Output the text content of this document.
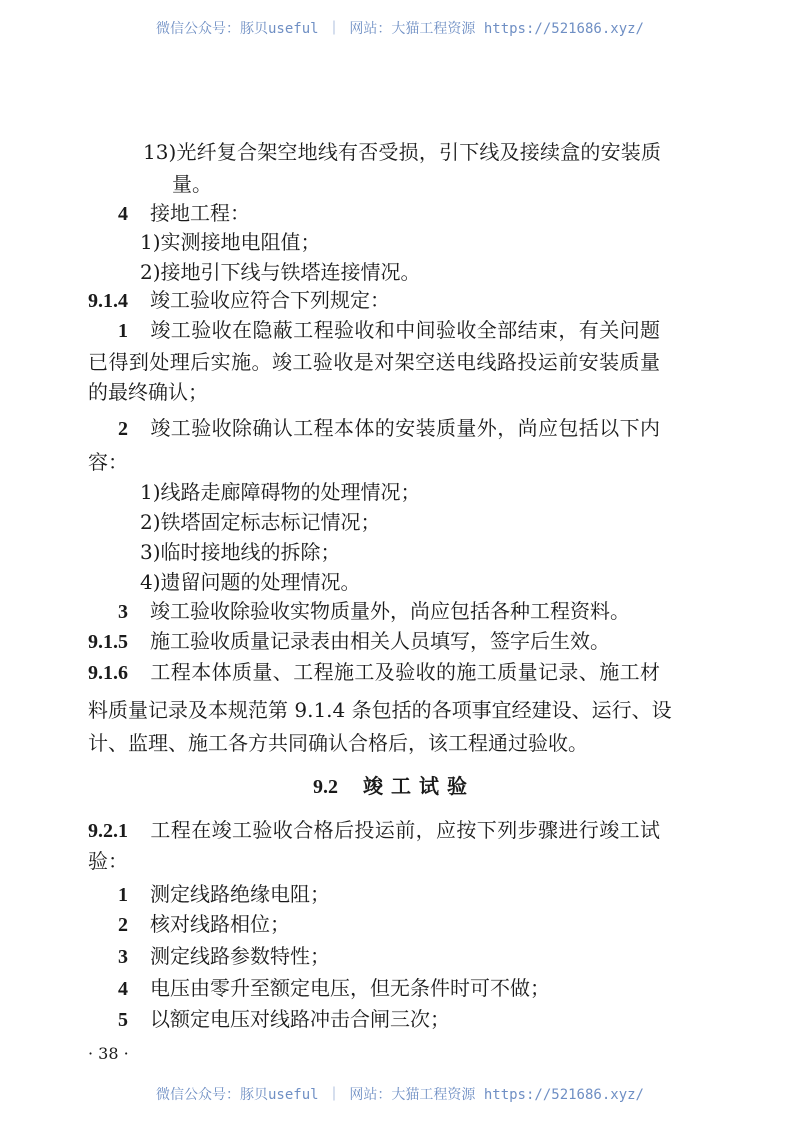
微信公众号：豚贝useful ｜ 网站：大猫工程资源 https://521686.xyz/
13)光纤复合架空地线有否受损，引下线及接续盒的安装质
量。
4 接地工程：
1)实测接地电阻值；
2)接地引下线与铁塔连接情况。
9.1.4 竣工验收应符合下列规定：
1 竣工验收在隐蔽工程验收和中间验收全部结束，有关问题
已得到处理后实施。竣工验收是对架空送电线路投运前安装质量
的最终确认；
2 竣工验收除确认工程本体的安装质量外，尚应包括以下内
容：
1)线路走廊障碍物的处理情况；
2)铁塔固定标志标记情况；
3)临时接地线的拆除；
4)遗留问题的处理情况。
3 竣工验收除验收实物质量外，尚应包括各种工程资料。
9.1.5 施工验收质量记录表由相关人员填写，签字后生效。
9.1.6 工程本体质量、工程施工及验收的施工质量记录、施工材
料质量记录及本规范第 9.1.4 条包括的各项事宜经建设、运行、设
计、监理、施工各方共同确认合格后，该工程通过验收。
9.2 竣工试验
9.2.1 工程在竣工验收合格后投运前，应按下列步骤进行竣工试
验：
1 测定线路绝缘电阻；
2 核对线路相位；
3 测定线路参数特性；
4 电压由零升至额定电压，但无条件时可不做；
5 以额定电压对线路冲击合闸三次；
· 38 ·
微信公众号：豚贝useful ｜ 网站：大猫工程资源 https://521686.xyz/
